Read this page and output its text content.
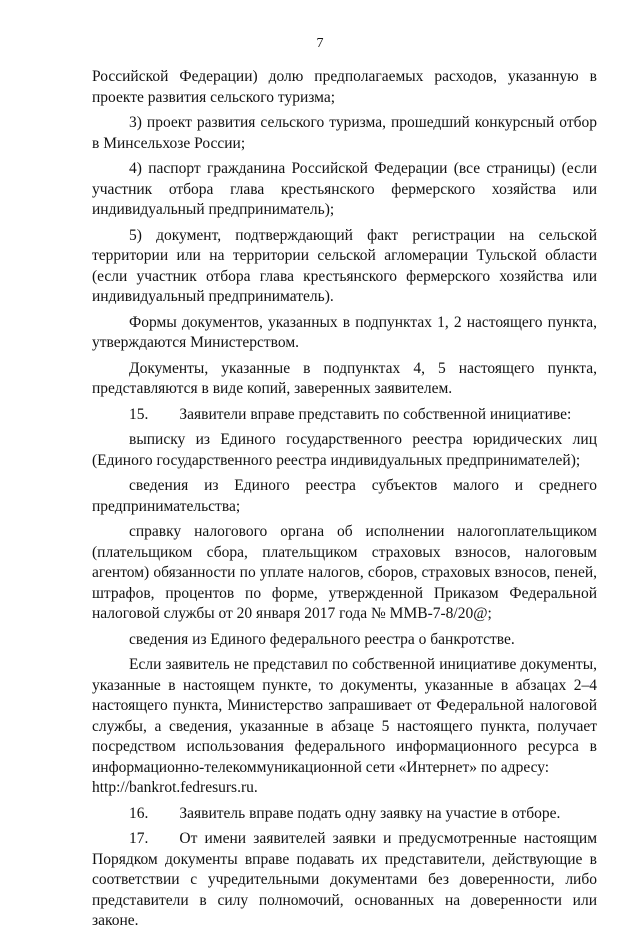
7

Российской Федерации) долю предполагаемых расходов, указанную в проекте развития сельского туризма;

3) проект развития сельского туризма, прошедший конкурсный отбор в Минсельхозе России;

4) паспорт гражданина Российской Федерации (все страницы) (если участник отбора глава крестьянского фермерского хозяйства или индивидуальный предприниматель);

5) документ, подтверждающий факт регистрации на сельской территории или на территории сельской агломерации Тульской области (если участник отбора глава крестьянского фермерского хозяйства или индивидуальный предприниматель).

Формы документов, указанных в подпунктах 1, 2 настоящего пункта, утверждаются Министерством.

Документы, указанные в подпунктах 4, 5 настоящего пункта, представляются в виде копий, заверенных заявителем.

15.  Заявители вправе представить по собственной инициативе:

выписку из Единого государственного реестра юридических лиц (Единого государственного реестра индивидуальных предпринимателей);

сведения из Единого реестра субъектов малого и среднего предпринимательства;

справку налогового органа об исполнении налогоплательщиком (плательщиком сбора, плательщиком страховых взносов, налоговым агентом) обязанности по уплате налогов, сборов, страховых взносов, пеней, штрафов, процентов по форме, утвержденной Приказом Федеральной налоговой службы от 20 января 2017 года № ММВ-7-8/20@;

сведения из Единого федерального реестра о банкротстве.

Если заявитель не представил по собственной инициативе документы, указанные в настоящем пункте, то документы, указанные в абзацах 2–4 настоящего пункта, Министерство запрашивает от Федеральной налоговой службы, а сведения, указанные в абзаце 5 настоящего пункта, получает посредством использования федерального информационного ресурса в информационно-телекоммуникационной сети «Интернет» по адресу:

http://bankrot.fedresurs.ru.

16.  Заявитель вправе подать одну заявку на участие в отборе.

17.  От имени заявителей заявки и предусмотренные настоящим Порядком документы вправе подавать их представители, действующие в соответствии с учредительными документами без доверенности, либо представители в силу полномочий, основанных на доверенности или законе.
